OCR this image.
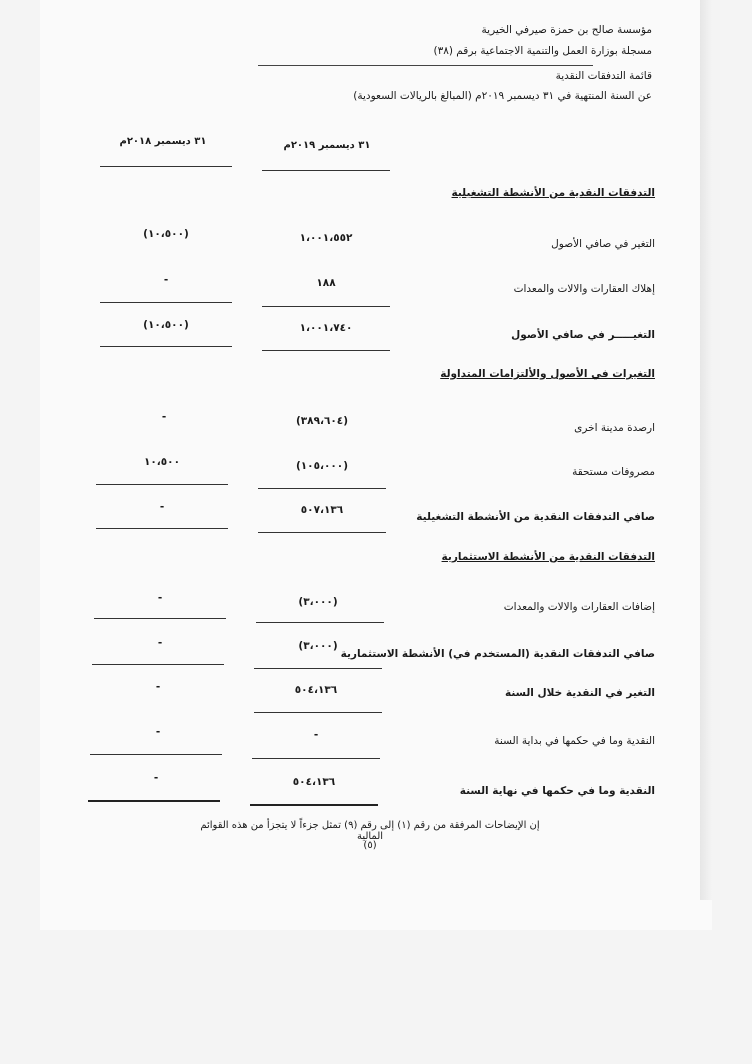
مؤسسة صالح بن حمزة صيرفي الخيرية
مسجلة بوزارة العمل والتنمية الاجتماعية برقم (٣٨)
قائمة التدفقات النقدية
عن السنة المنتهية في ٣١ ديسمبر ٢٠١٩م (المبالغ بالريالات السعودية)
٣١ ديسمبر ٢٠١٩م
٣١ ديسمبر ٢٠١٨م
التدفقات النقدية من الأنشطة التشغيلية
التغير في صافي الأصول
١،٠٠١،٥٥٢
(١٠،٥٠٠)
إهلاك العقارات والالات والمعدات
١٨٨
-
التغيـــــر في صافي الأصول
١،٠٠١،٧٤٠
(١٠،٥٠٠)
التغيرات في الأصول والألتزامات المتداولة
ارصدة مدينة اخرى
(٣٨٩،٦٠٤)
-
مصروفات مستحقة
(١٠٥،٠٠٠)
١٠،٥٠٠
صافي التدفقات النقدية من الأنشطة التشغيلية
٥٠٧،١٣٦
-
التدفقات النقدية من الأنشطة الاستثمارية
إضافات العقارات والالات والمعدات
(٣،٠٠٠)
-
صافي التدفقات النقدية (المستخدم في) الأنشطة الاستثمارية
(٣،٠٠٠)
-
التغير في النقدية خلال السنة
٥٠٤،١٣٦
-
النقدية وما في حكمها في بداية السنة
-
-
النقدية وما في حكمها في نهاية السنة
٥٠٤،١٣٦
-
إن الإيضاحات المرفقة من رقم (١) إلى رقم (٩) تمثل جزءاً لا يتجزأ من هذه القوائم المالية
(٥)
